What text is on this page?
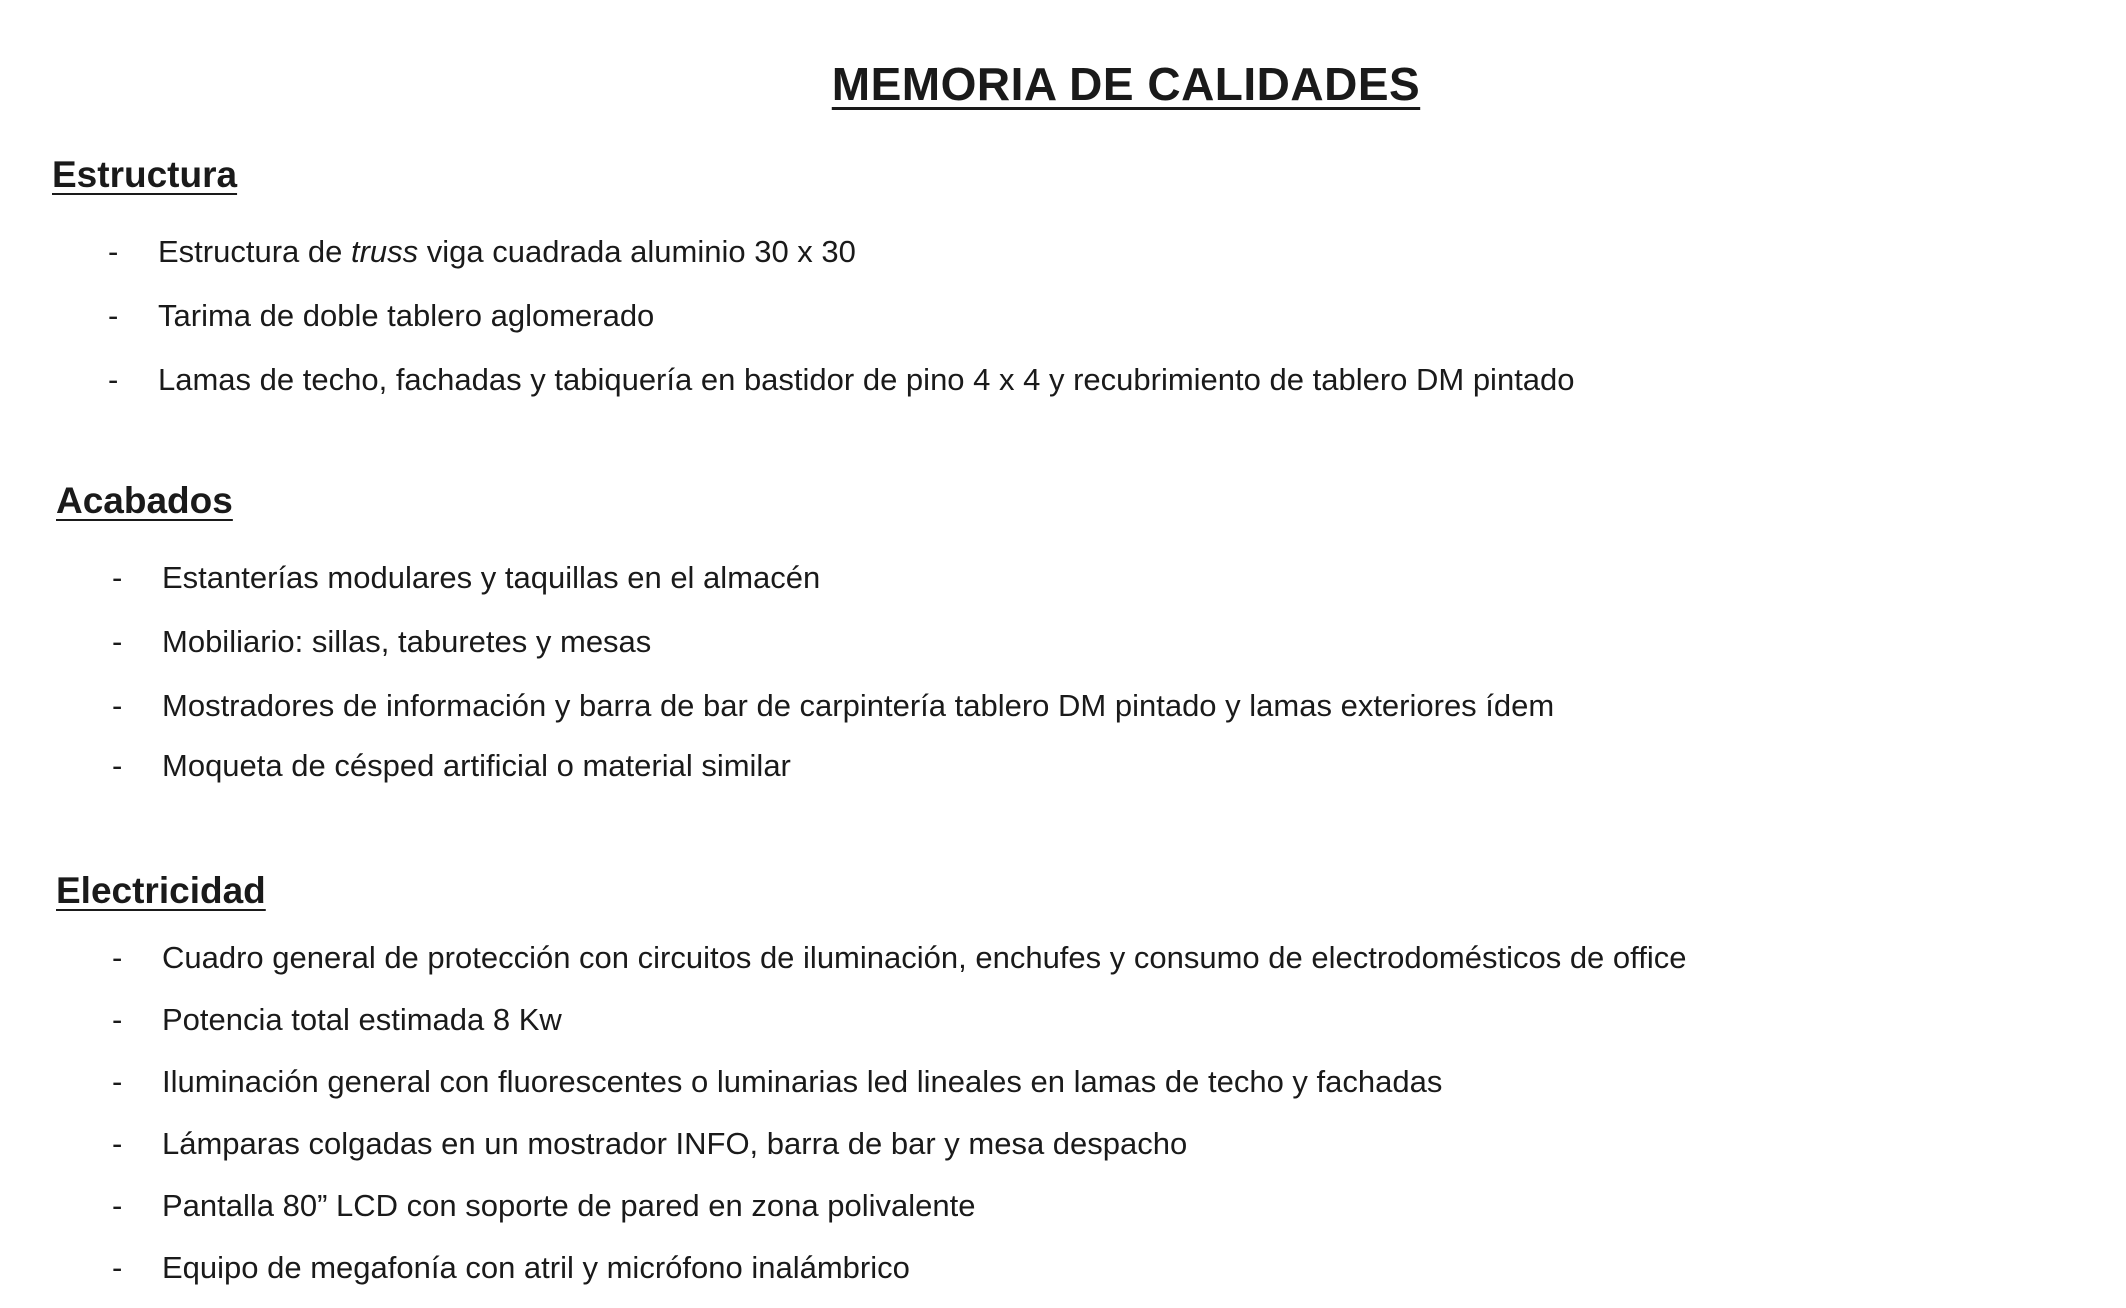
MEMORIA DE CALIDADES
Estructura
- Estructura de truss viga cuadrada aluminio 30 x 30
- Tarima de doble tablero aglomerado
- Lamas de techo, fachadas y tabiquería en bastidor de pino 4 x 4 y recubrimiento de tablero DM pintado
Acabados
- Estanterías modulares y taquillas en el almacén
- Mobiliario: sillas, taburetes y mesas
- Mostradores de información y barra de bar de carpintería tablero DM pintado y lamas exteriores ídem
- Moqueta de césped artificial o material similar
Electricidad
- Cuadro general de protección con circuitos de iluminación, enchufes y consumo de electrodomésticos de office
- Potencia total estimada 8 Kw
- Iluminación general con fluorescentes o luminarias led lineales en lamas de techo y fachadas
- Lámparas colgadas en un mostrador INFO, barra de bar y mesa despacho
- Pantalla 80” LCD con soporte de pared en zona polivalente
- Equipo de megafonía con atril y micrófono inalámbrico
